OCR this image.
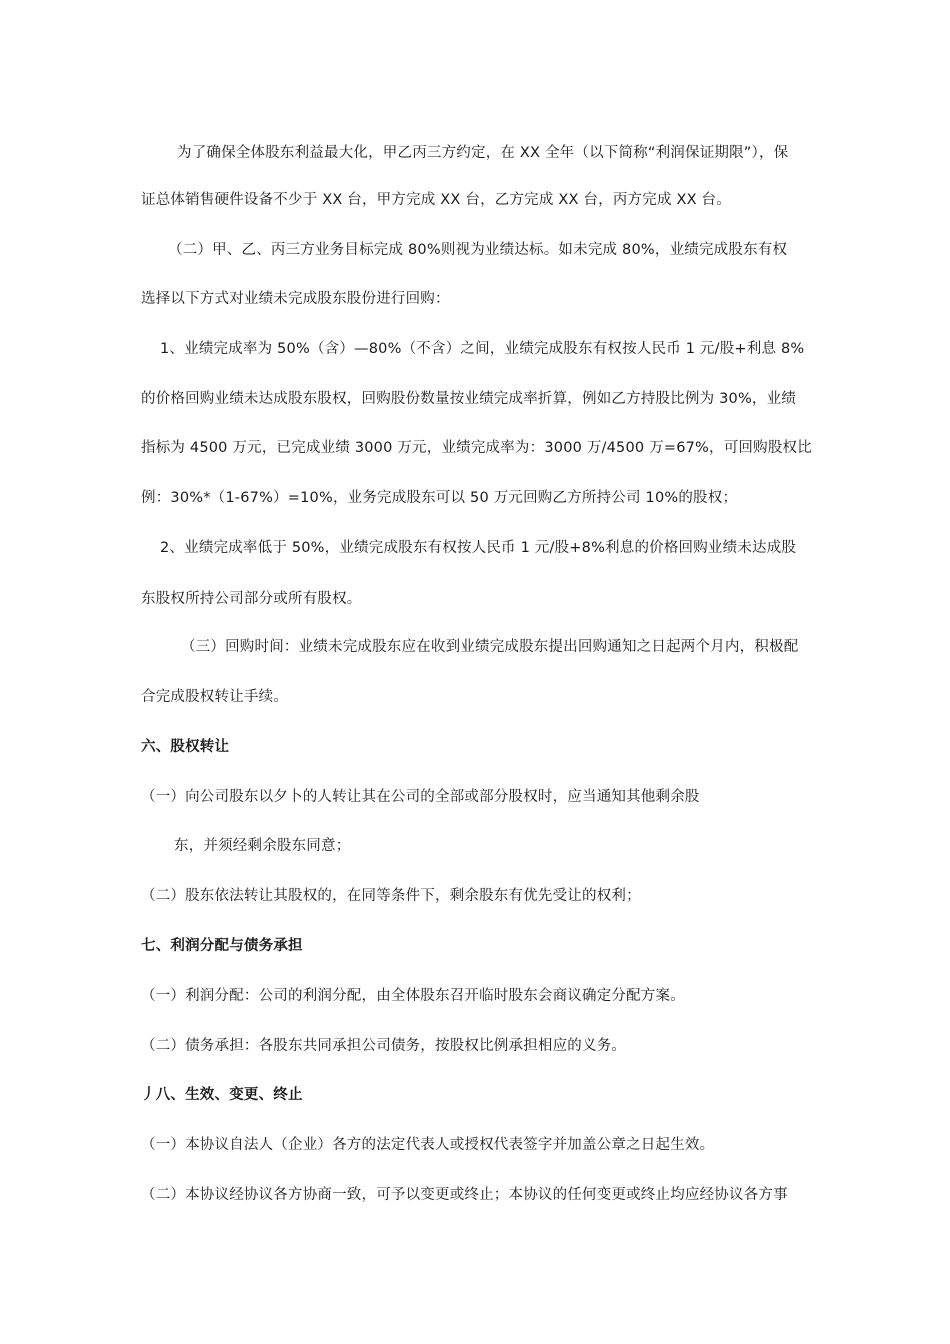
为了确保全体股东利益最大化，甲乙丙三方约定，在 XX 全年（以下简称“利润保证期限”），保
证总体销售硬件设备不少于 XX 台，甲方完成 XX 台，乙方完成 XX 台，丙方完成 XX 台。
（二）甲、乙、丙三方业务目标完成 80%则视为业绩达标。如未完成 80%，业绩完成股东有权
选择以下方式对业绩未完成股东股份进行回购：
1、业绩完成率为 50%（含）—80%（不含）之间，业绩完成股东有权按人民币 1 元/股+利息 8%
的价格回购业绩未达成股东股权，回购股份数量按业绩完成率折算，例如乙方持股比例为 30%，业绩
指标为 4500 万元，已完成业绩 3000 万元，业绩完成率为：3000 万/4500 万=67%，可回购股权比
例：30%*（1-67%）=10%，业务完成股东可以 50 万元回购乙方所持公司 10%的股权；
2、业绩完成率低于 50%，业绩完成股东有权按人民币 1 元/股+8%利息的价格回购业绩未达成股
东股权所持公司部分或所有股权。
（三）回购时间：业绩未完成股东应在收到业绩完成股东提出回购通知之日起两个月内，积极配
合完成股权转让手续。
六、股权转让
（一）向公司股东以夕卜的人转让其在公司的全部或部分股权时，应当通知其他剩余股
东，并须经剩余股东同意；
（二）股东依法转让其股权的，在同等条件下，剩余股东有优先受让的权利；
七、利润分配与债务承担
（一）利润分配：公司的利润分配，由全体股东召开临时股东会商议确定分配方案。
（二）债务承担：各股东共同承担公司债务，按股权比例承担相应的义务。
丿八、生效、变更、终止
（一）本协议自法人（企业）各方的法定代表人或授权代表签字并加盖公章之日起生效。
（二）本协议经协议各方协商一致，可予以变更或终止；本协议的任何变更或终止均应经协议各方事
